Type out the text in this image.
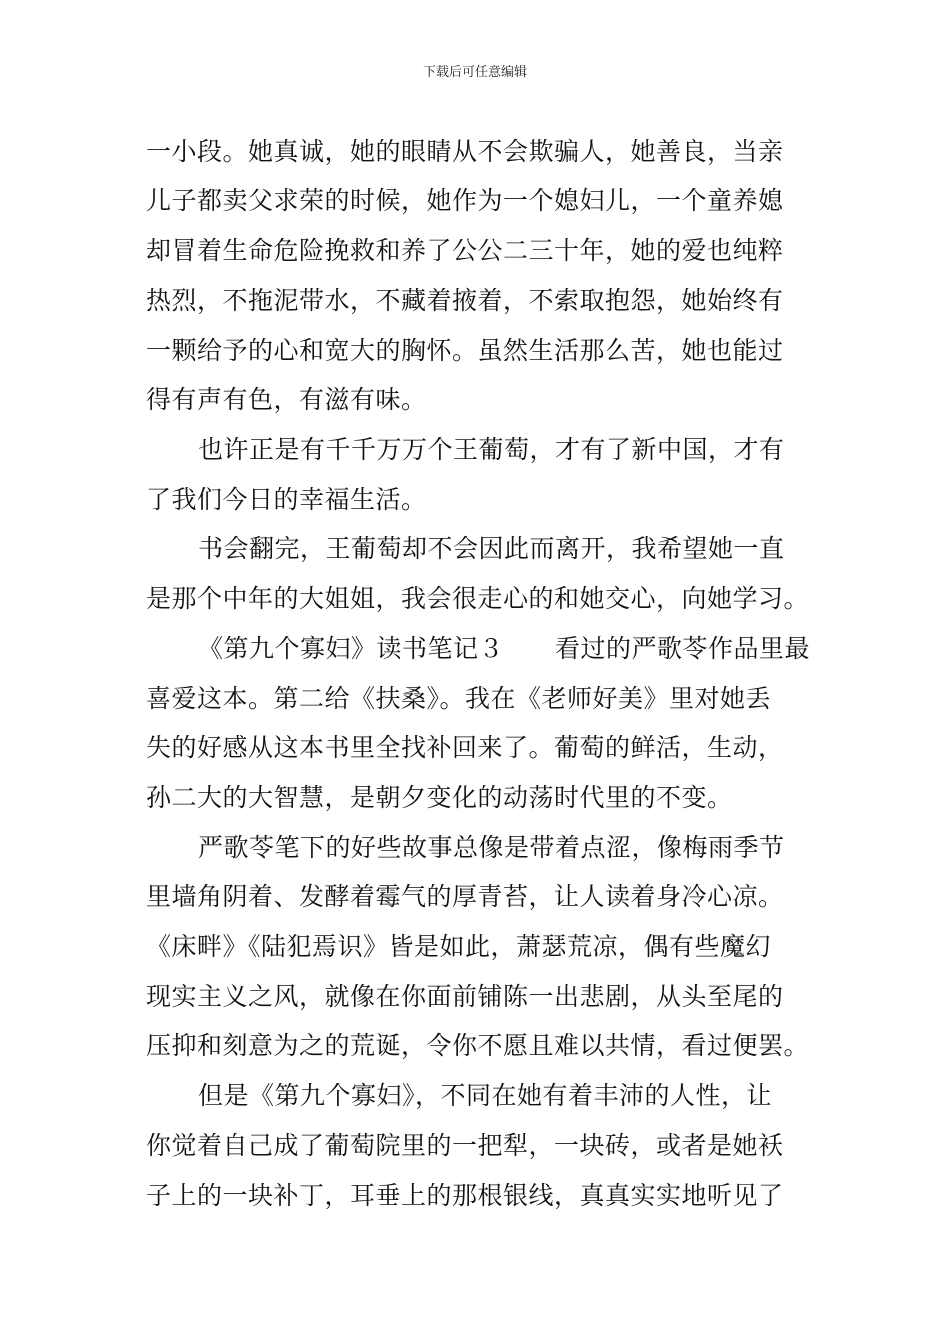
下载后可任意编辑
一小段。她真诚，她的眼睛从不会欺骗人，她善良，当亲
儿子都卖父求荣的时候，她作为一个媳妇儿，一个童养媳
却冒着生命危险挽救和养了公公二三十年，她的爱也纯粹
热烈，不拖泥带水，不藏着掖着，不索取抱怨，她始终有
一颗给予的心和宽大的胸怀。虽然生活那么苦，她也能过
得有声有色，有滋有味。
也许正是有千千万万个王葡萄，才有了新中国，才有
了我们今日的幸福生活。
书会翻完，王葡萄却不会因此而离开，我希望她一直
是那个中年的大姐姐，我会很走心的和她交心，向她学习。
《第九个寡妇》读书笔记３　　看过的严歌苓作品里最
喜爱这本。第二给《扶桑》。我在《老师好美》里对她丢
失的好感从这本书里全找补回来了。葡萄的鲜活，生动，
孙二大的大智慧，是朝夕变化的动荡时代里的不变。
严歌苓笔下的好些故事总像是带着点涩，像梅雨季节
里墙角阴着、发酵着霉气的厚青苔，让人读着身冷心凉。
《床畔》《陆犯焉识》皆是如此，萧瑟荒凉，偶有些魔幻
现实主义之风，就像在你面前铺陈一出悲剧，从头至尾的
压抑和刻意为之的荒诞，令你不愿且难以共情，看过便罢。
但是《第九个寡妇》，不同在她有着丰沛的人性，让
你觉着自己成了葡萄院里的一把犁，一块砖，或者是她袄
子上的一块补丁，耳垂上的那根银线，真真实实地听见了
